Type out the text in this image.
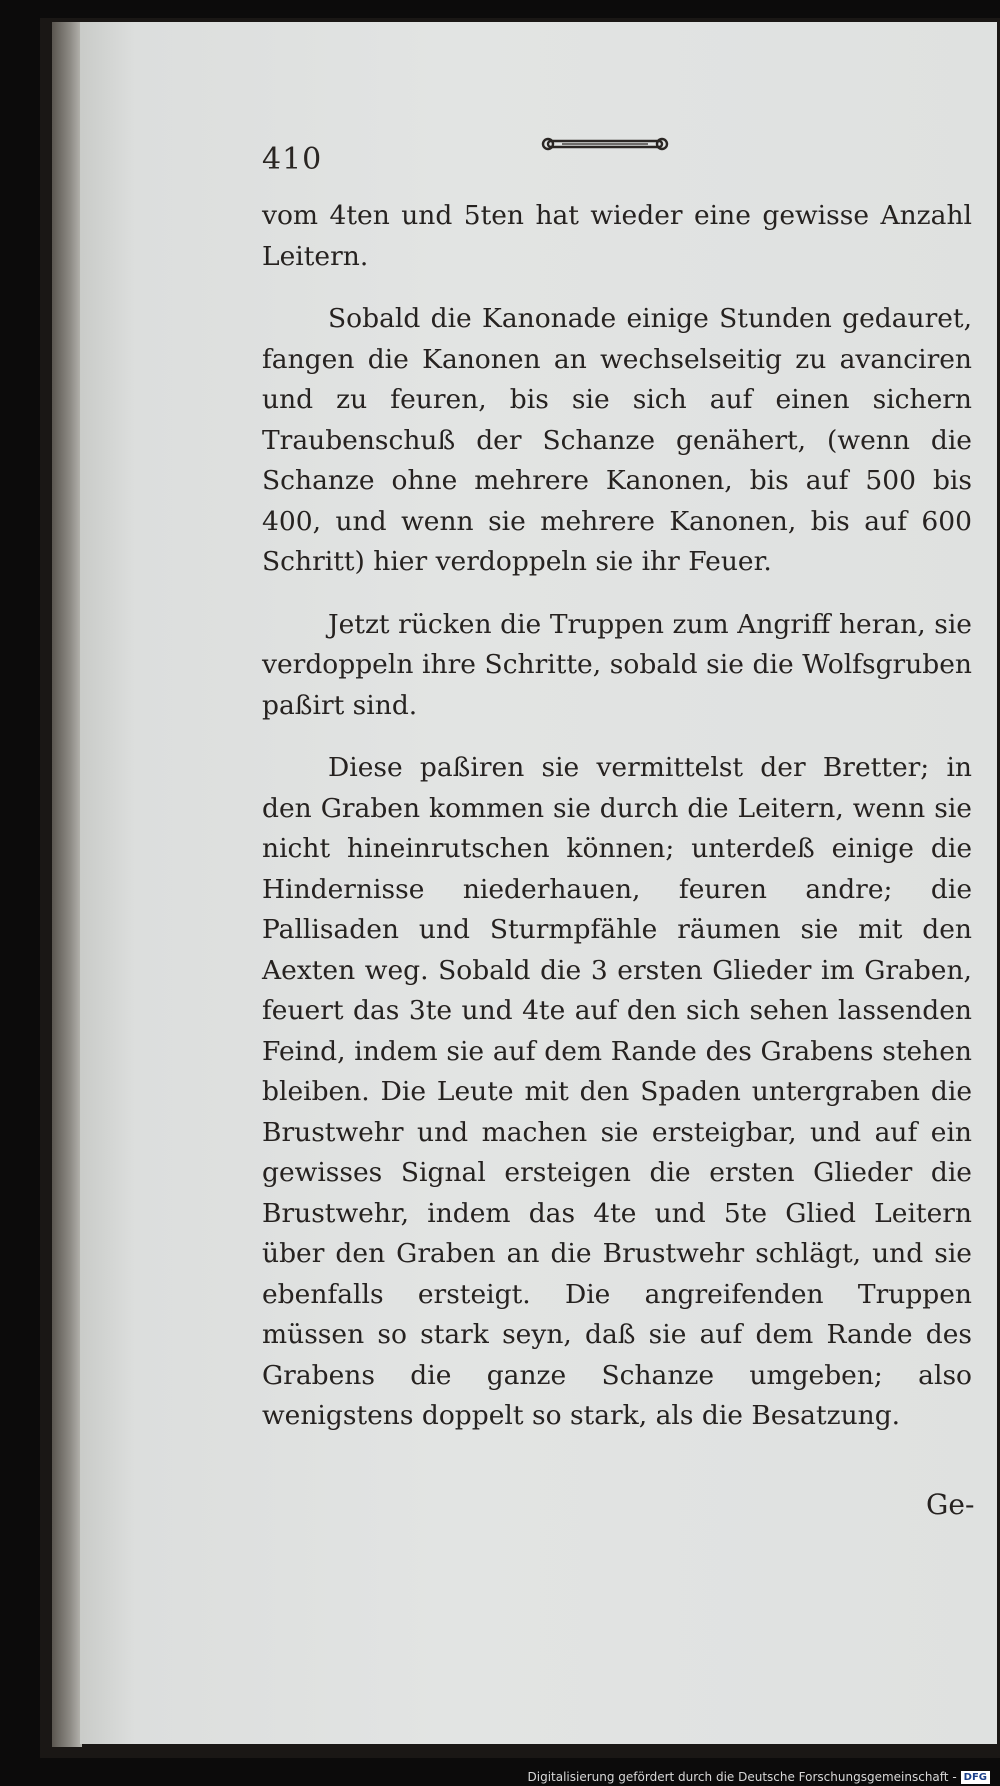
410

vom 4ten und 5ten hat wieder eine gewisse Anzahl Leitern.

Sobald die Kanonade einige Stunden gedauret, fangen die Kanonen an wechselseitig zu avanciren und zu feuren, bis sie sich auf einen sichern Traubenschuß der Schanze genähert, (wenn die Schanze ohne mehrere Kanonen, bis auf 500 bis 400, und wenn sie mehrere Kanonen, bis auf 600 Schritt) hier verdoppeln sie ihr Feuer.

Jetzt rücken die Truppen zum Angriff heran, sie verdoppeln ihre Schritte, sobald sie die Wolfsgruben paßirt sind.

Diese paßiren sie vermittelst der Bretter; in den Graben kommen sie durch die Leitern, wenn sie nicht hineinrutschen können; unterdeß einige die Hindernisse niederhauen, feuren andre; die Pallisaden und Sturmpfähle räumen sie mit den Aexten weg. Sobald die 3 ersten Glieder im Graben, feuert das 3te und 4te auf den sich sehen lassenden Feind, indem sie auf dem Rande des Grabens stehen bleiben. Die Leute mit den Spaden untergraben die Brustwehr und machen sie ersteigbar, und auf ein gewisses Signal ersteigen die ersten Glieder die Brustwehr, indem das 4te und 5te Glied Leitern über den Graben an die Brustwehr schlägt, und sie ebenfalls ersteigt. Die angreifenden Truppen müssen so stark seyn, daß sie auf dem Rande des Grabens die ganze Schanze umgeben; also wenigstens doppelt so stark, als die Besatzung.

Ge-
Digitalisierung gefördert durch die Deutsche Forschungsgemeinschaft - DFG
